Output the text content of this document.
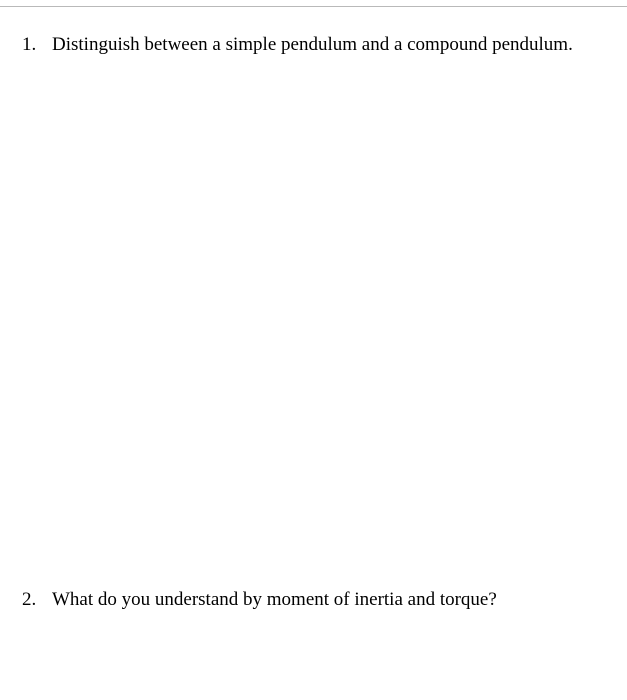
1. Distinguish between a simple pendulum and a compound pendulum.
2. What do you understand by moment of inertia and torque?
